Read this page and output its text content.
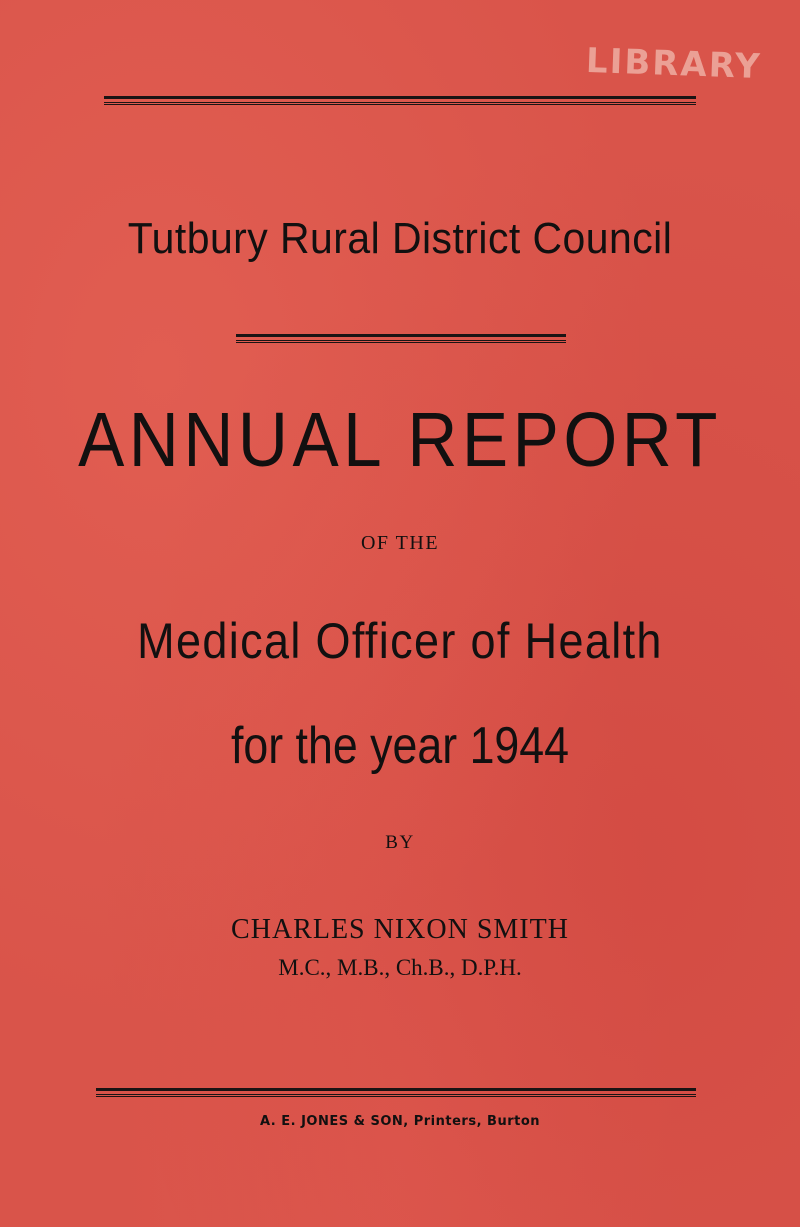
LIBRARY
Tutbury Rural District Council
ANNUAL REPORT
OF THE
Medical Officer of Health
for the year 1944
BY
CHARLES NIXON SMITH
M.C., M.B., Ch.B., D.P.H.
A. E. JONES & SON, Printers, Burton
